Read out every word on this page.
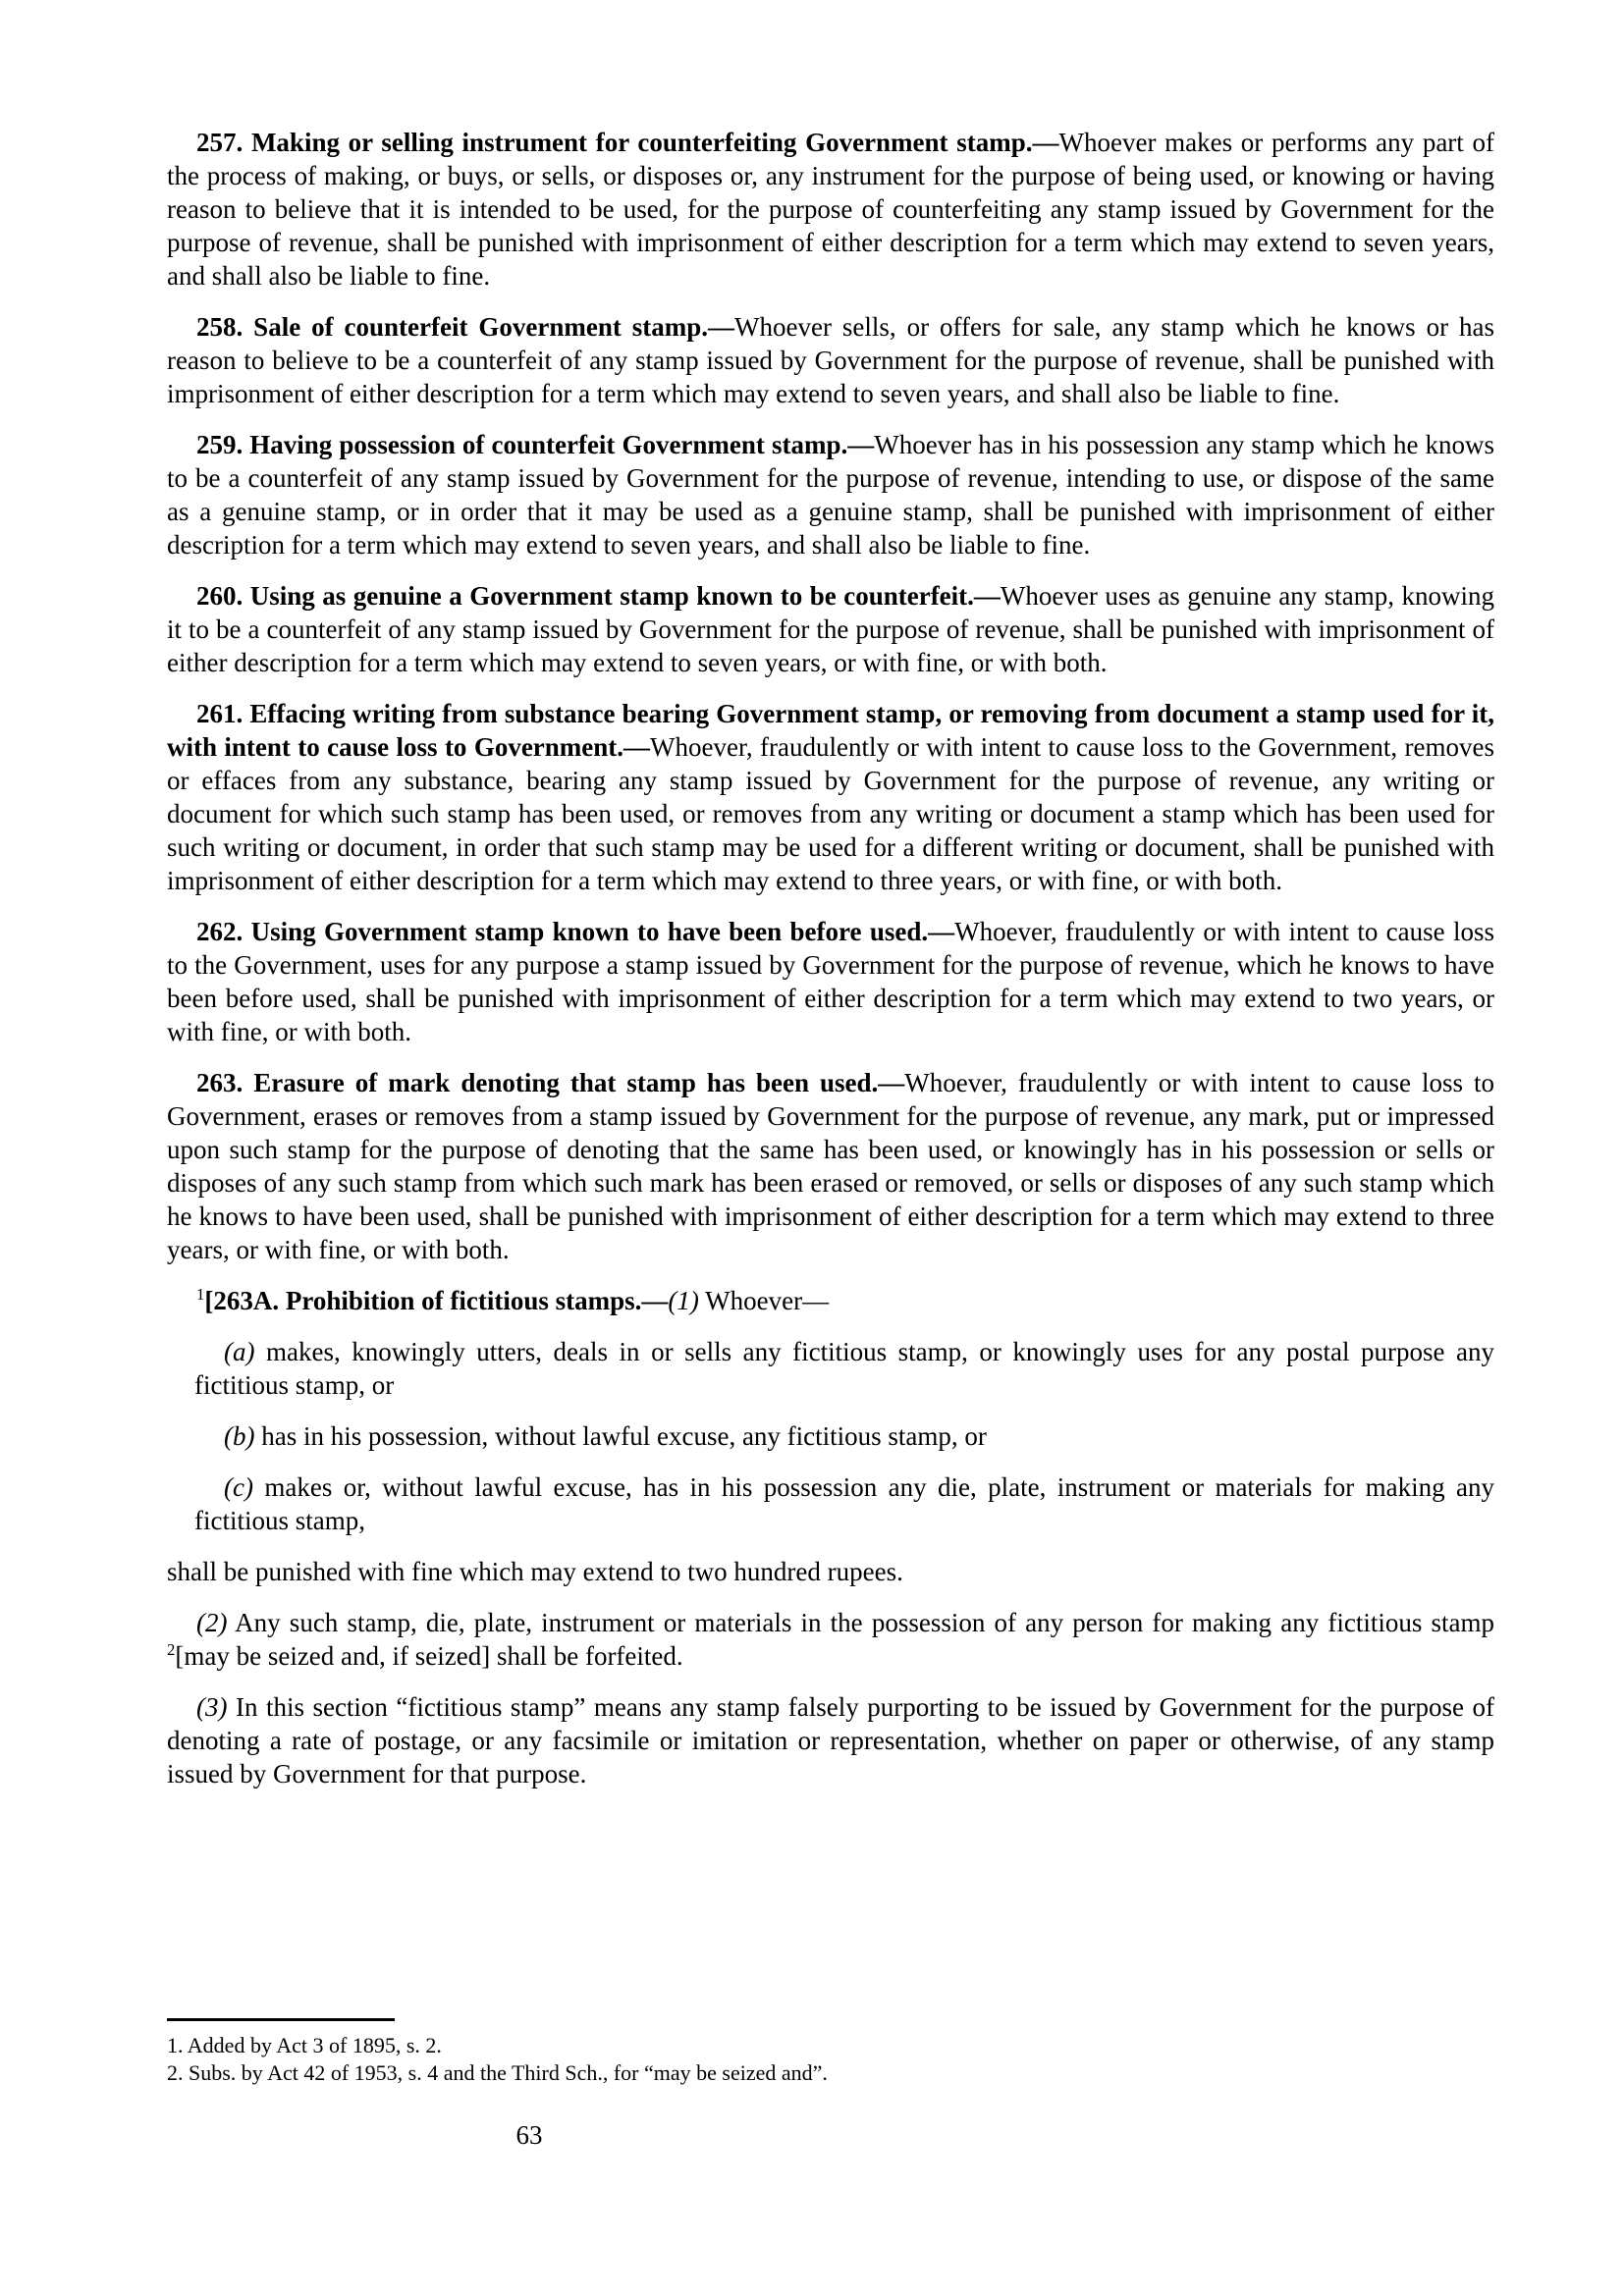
257. Making or selling instrument for counterfeiting Government stamp.—Whoever makes or performs any part of the process of making, or buys, or sells, or disposes or, any instrument for the purpose of being used, or knowing or having reason to believe that it is intended to be used, for the purpose of counterfeiting any stamp issued by Government for the purpose of revenue, shall be punished with imprisonment of either description for a term which may extend to seven years, and shall also be liable to fine.

258. Sale of counterfeit Government stamp.—Whoever sells, or offers for sale, any stamp which he knows or has reason to believe to be a counterfeit of any stamp issued by Government for the purpose of revenue, shall be punished with imprisonment of either description for a term which may extend to seven years, and shall also be liable to fine.

259. Having possession of counterfeit Government stamp.—Whoever has in his possession any stamp which he knows to be a counterfeit of any stamp issued by Government for the purpose of revenue, intending to use, or dispose of the same as a genuine stamp, or in order that it may be used as a genuine stamp, shall be punished with imprisonment of either description for a term which may extend to seven years, and shall also be liable to fine.

260. Using as genuine a Government stamp known to be counterfeit.—Whoever uses as genuine any stamp, knowing it to be a counterfeit of any stamp issued by Government for the purpose of revenue, shall be punished with imprisonment of either description for a term which may extend to seven years, or with fine, or with both.

261. Effacing writing from substance bearing Government stamp, or removing from document a stamp used for it, with intent to cause loss to Government.—Whoever, fraudulently or with intent to cause loss to the Government, removes or effaces from any substance, bearing any stamp issued by Government for the purpose of revenue, any writing or document for which such stamp has been used, or removes from any writing or document a stamp which has been used for such writing or document, in order that such stamp may be used for a different writing or document, shall be punished with imprisonment of either description for a term which may extend to three years, or with fine, or with both.

262. Using Government stamp known to have been before used.—Whoever, fraudulently or with intent to cause loss to the Government, uses for any purpose a stamp issued by Government for the purpose of revenue, which he knows to have been before used, shall be punished with imprisonment of either description for a term which may extend to two years, or with fine, or with both.

263. Erasure of mark denoting that stamp has been used.—Whoever, fraudulently or with intent to cause loss to Government, erases or removes from a stamp issued by Government for the purpose of revenue, any mark, put or impressed upon such stamp for the purpose of denoting that the same has been used, or knowingly has in his possession or sells or disposes of any such stamp from which such mark has been erased or removed, or sells or disposes of any such stamp which he knows to have been used, shall be punished with imprisonment of either description for a term which may extend to three years, or with fine, or with both.

$^1$[263A. Prohibition of fictitious stamps.—(1) Whoever—

(a) makes, knowingly utters, deals in or sells any fictitious stamp, or knowingly uses for any postal purpose any fictitious stamp, or

(b) has in his possession, without lawful excuse, any fictitious stamp, or

(c) makes or, without lawful excuse, has in his possession any die, plate, instrument or materials for making any fictitious stamp,

shall be punished with fine which may extend to two hundred rupees.

(2) Any such stamp, die, plate, instrument or materials in the possession of any person for making any fictitious stamp $^2$[may be seized and, if seized] shall be forfeited.

(3) In this section “fictitious stamp” means any stamp falsely purporting to be issued by Government for the purpose of denoting a rate of postage, or any facsimile or imitation or representation, whether on paper or otherwise, of any stamp issued by Government for that purpose.

1. Added by Act 3 of 1895, s. 2.
2. Subs. by Act 42 of 1953, s. 4 and the Third Sch., for “may be seized and”.
63
